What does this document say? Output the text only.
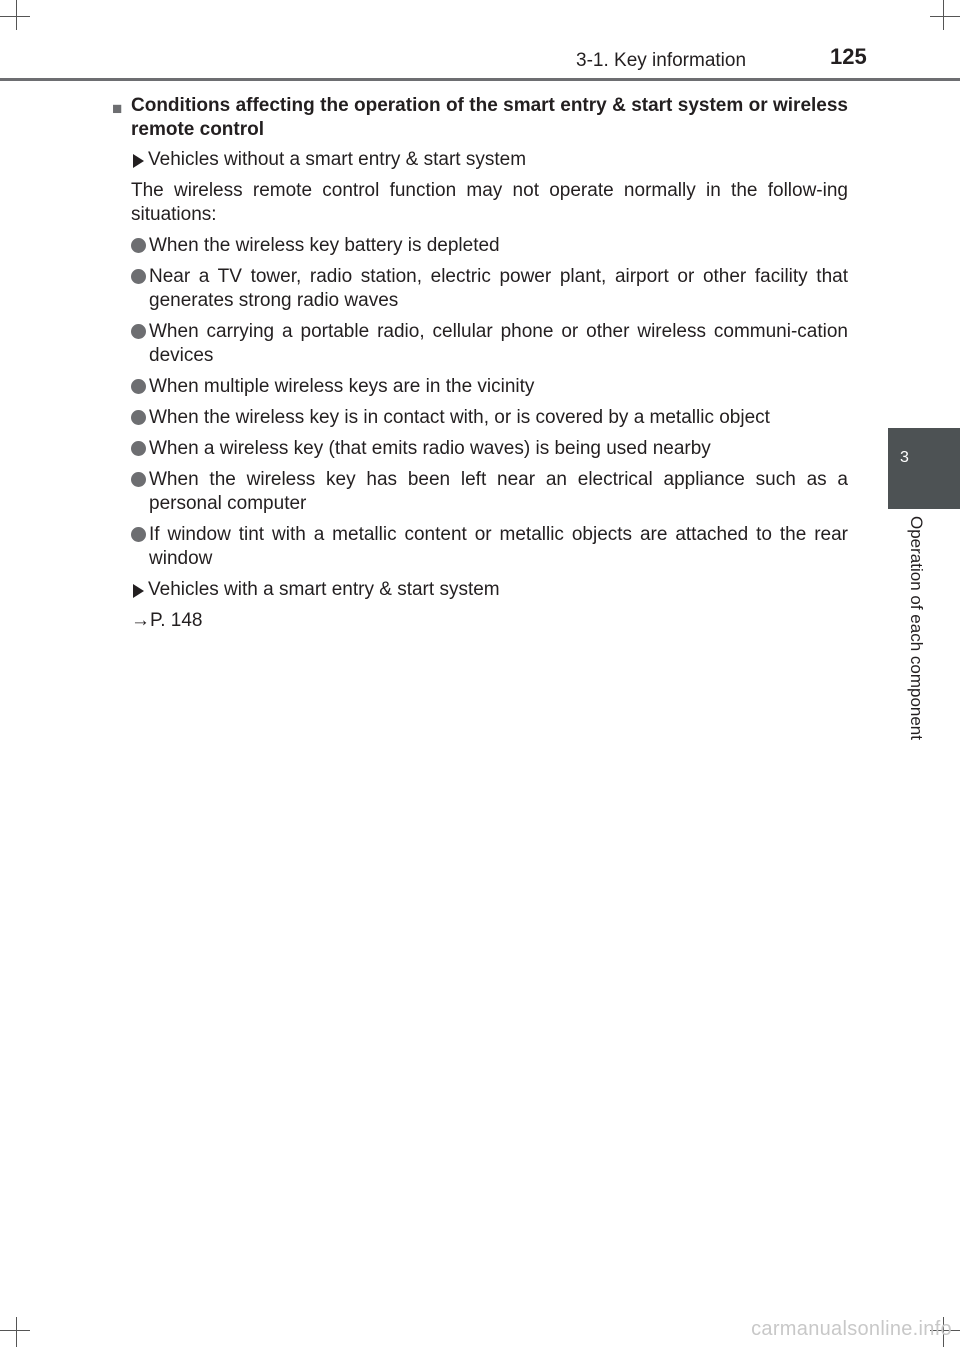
3-1. Key information	125
3
Operation of each component
■ Conditions affecting the operation of the smart entry & start system or wireless remote control
Vehicles without a smart entry & start system
The wireless remote control function may not operate normally in the follow-ing situations:
When the wireless key battery is depleted
Near a TV tower, radio station, electric power plant, airport or other facility that generates strong radio waves
When carrying a portable radio, cellular phone or other wireless communi-cation devices
When multiple wireless keys are in the vicinity
When the wireless key is in contact with, or is covered by a metallic object
When a wireless key (that emits radio waves) is being used nearby
When the wireless key has been left near an electrical appliance such as a personal computer
If window tint with a metallic content or metallic objects are attached to the rear window
Vehicles with a smart entry & start system
→P. 148
carmanualsonline.info
